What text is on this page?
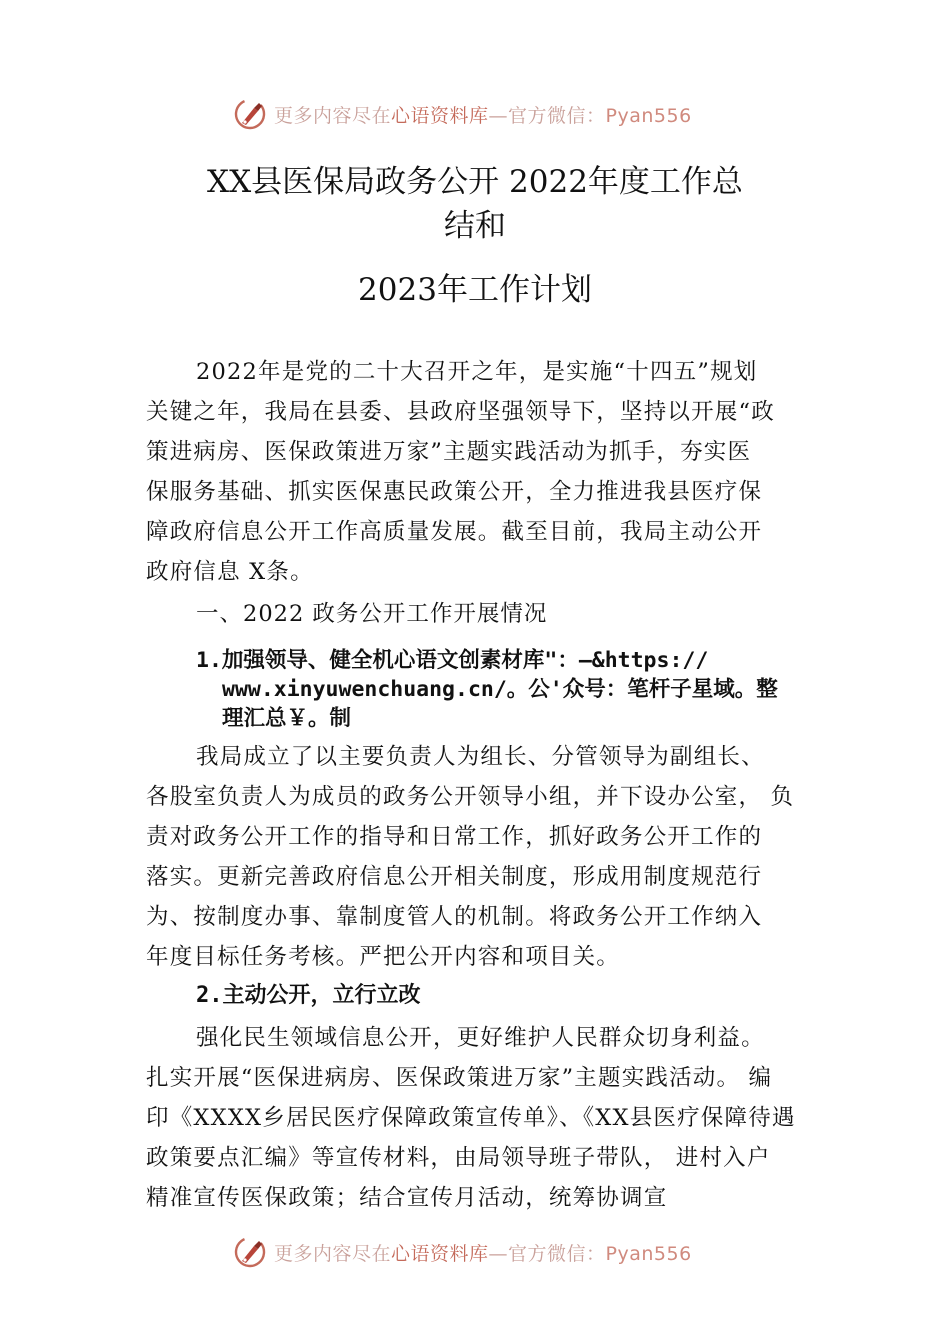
更多内容尽在心语资料库—官方微信：Pyan556
XX县医保局政务公开 2022年度工作总
结和
2023年工作计划
2022年是党的二十大召开之年，是实施“十四五”规划
关键之年，我局在县委、县政府坚强领导下，坚持以开展“政
策进病房、医保政策进万家”主题实践活动为抓手，夯实医
保服务基础、抓实医保惠民政策公开，全力推进我县医疗保
障政府信息公开工作高质量发展。截至目前，我局主动公开
政府信息 X条。
一、2022 政务公开工作开展情况
1.加强领导、健全机心语文创素材库"：—&https://
www.xinyuwenchuang.cn/。公'众号：笔杆子星域。整
理汇总￥。制
我局成立了以主要负责人为组长、分管领导为副组长、
各股室负责人为成员的政务公开领导小组，并下设办公室， 负
责对政务公开工作的指导和日常工作，抓好政务公开工作的
落实。更新完善政府信息公开相关制度，形成用制度规范行
为、按制度办事、靠制度管人的机制。将政务公开工作纳入
年度目标任务考核。严把公开内容和项目关。
2.主动公开，立行立改
强化民生领域信息公开，更好维护人民群众切身利益。
扎实开展“医保进病房、医保政策进万家”主题实践活动。 编
印《XXXX乡居民医疗保障政策宣传单》、《XX县医疗保障待遇
政策要点汇编》等宣传材料，由局领导班子带队， 进村入户
精准宣传医保政策；结合宣传月活动，统筹协调宣
更多内容尽在心语资料库—官方微信：Pyan556
